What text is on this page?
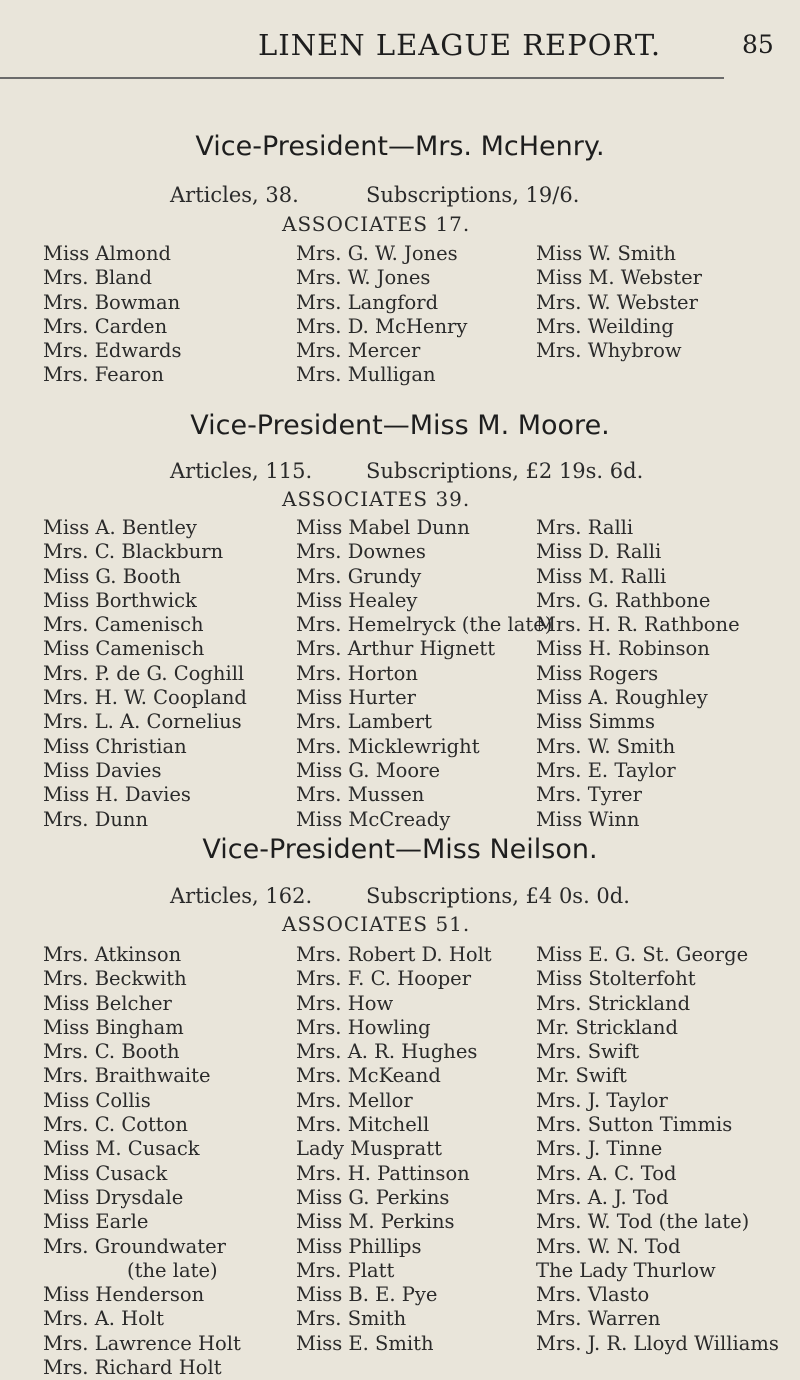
LINEN LEAGUE REPORT.	85
Vice-President—Mrs. McHenry.
Articles, 38.	Subscriptions, 19/6.
ASSOCIATES 17.
Miss Almond
Mrs. Bland
Mrs. Bowman
Mrs. Carden
Mrs. Edwards
Mrs. Fearon
Mrs. G. W. Jones
Mrs. W. Jones
Mrs. Langford
Mrs. D. McHenry
Mrs. Mercer
Mrs. Mulligan
Miss W. Smith
Miss M. Webster
Mrs. W. Webster
Mrs. Weilding
Mrs. Whybrow
Vice-President—Miss M. Moore.
Articles, 115.	Subscriptions, £2 19s. 6d.
ASSOCIATES 39.
Miss A. Bentley
Mrs. C. Blackburn
Miss G. Booth
Miss Borthwick
Mrs. Camenisch
Miss Camenisch
Mrs. P. de G. Coghill
Mrs. H. W. Coopland
Mrs. L. A. Cornelius
Miss Christian
Miss Davies
Miss H. Davies
Mrs. Dunn
Miss Mabel Dunn
Mrs. Downes
Mrs. Grundy
Miss Healey
Mrs. Hemelryck (the late)
Mrs. Arthur Hignett
Mrs. Horton
Miss Hurter
Mrs. Lambert
Mrs. Micklewright
Miss G. Moore
Mrs. Mussen
Miss McCready
Mrs. Ralli
Miss D. Ralli
Miss M. Ralli
Mrs. G. Rathbone
Mrs. H. R. Rathbone
Miss H. Robinson
Miss Rogers
Miss A. Roughley
Miss Simms
Mrs. W. Smith
Mrs. E. Taylor
Mrs. Tyrer
Miss Winn
Vice-President—Miss Neilson.
Articles, 162.	Subscriptions, £4 0s. 0d.
ASSOCIATES 51.
Mrs. Atkinson
Mrs. Beckwith
Miss Belcher
Miss Bingham
Mrs. C. Booth
Mrs. Braithwaite
Miss Collis
Mrs. C. Cotton
Miss M. Cusack
Miss Cusack
Miss Drysdale
Miss Earle
Mrs. Groundwater
(the late)
Miss Henderson
Mrs. A. Holt
Mrs. Lawrence Holt
Mrs. Richard Holt
Mrs. Robert D. Holt
Mrs. F. C. Hooper
Mrs. How
Mrs. Howling
Mrs. A. R. Hughes
Mrs. McKeand
Mrs. Mellor
Mrs. Mitchell
Lady Muspratt
Mrs. H. Pattinson
Miss G. Perkins
Miss M. Perkins
Miss Phillips
Mrs. Platt
Miss B. E. Pye
Mrs. Smith
Miss E. Smith
Miss E. G. St. George
Miss Stolterfoht
Mrs. Strickland
Mr. Strickland
Mrs. Swift
Mr. Swift
Mrs. J. Taylor
Mrs. Sutton Timmis
Mrs. J. Tinne
Mrs. A. C. Tod
Mrs. A. J. Tod
Mrs. W. Tod (the late)
Mrs. W. N. Tod
The Lady Thurlow
Mrs. Vlasto
Mrs. Warren
Mrs. J. R. Lloyd Williams
